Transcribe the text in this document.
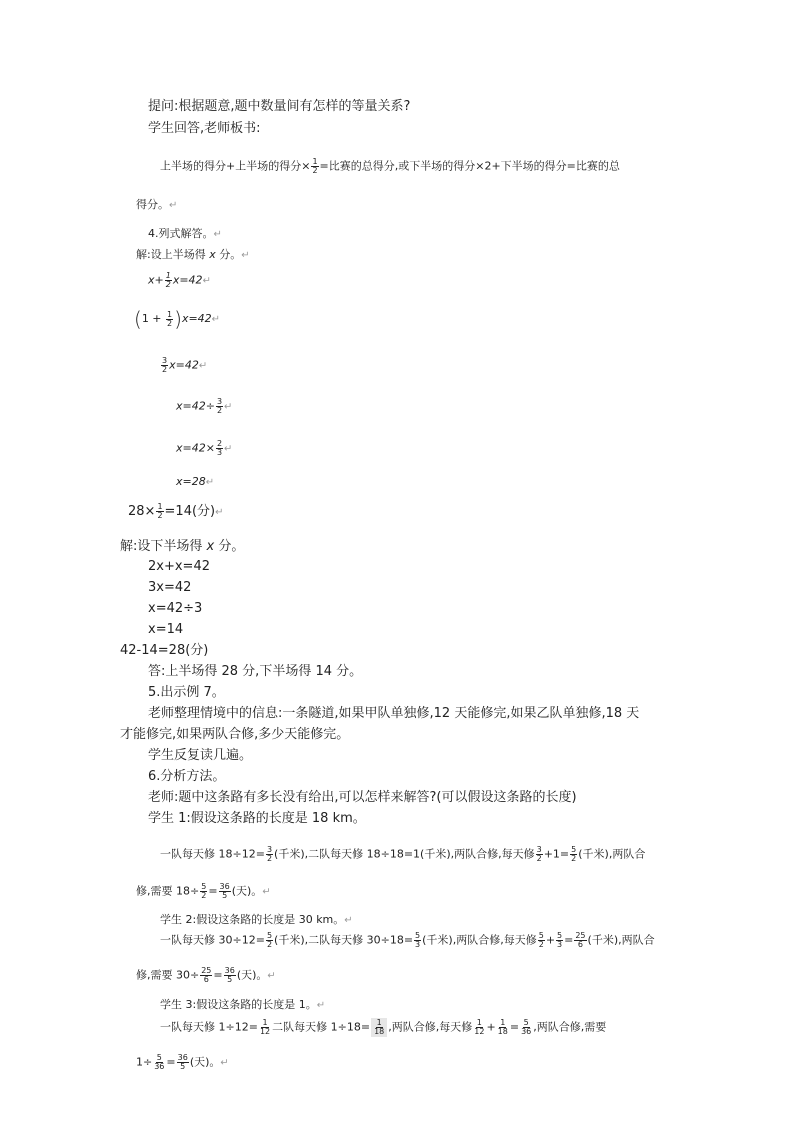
提问:根据题意,题中数量间有怎样的等量关系?
学生回答,老师板书:
上半场的得分+上半场的得分× $\frac{1}{2}$ =比赛的总得分,或下半场的得分×2+下半场的得分=比赛的总
得分。↵
4.列式解答。↵
解:设上半场得 x 分。↵
$x+ \frac{1}{2}$ x=42↵
($1 + \frac{1}{2}$ )x=42↵
$\frac{3}{2}$ x=42↵
$x=42\div \frac{3}{2}$ ↵
$x=42\times \frac{2}{3}$ ↵
x=28↵
$28\times \frac{1}{2} =14$(分)↵
解:设下半场得 x 分。
2x+x=42
3x=42
x=42÷3
x=14
42-14=28(分)
答:上半场得 28 分,下半场得 14 分。
5.出示例 7。
老师整理情境中的信息:一条隧道,如果甲队单独修,12 天能修完,如果乙队单独修,18 天
才能修完,如果两队合修,多少天能修完。
学生反复读几遍。
6.分析方法。
老师:题中这条路有多长没有给出,可以怎样来解答?(可以假设这条路的长度)
学生 1:假设这条路的长度是 18 km。
一队每天修 $18\div 12= \frac{3}{2}$ (千米),二队每天修 18÷18=1(千米),两队合修,每天修 $\frac{3}{2} +1= \frac{5}{2}$ (千米),两队合
修,需要 $18\div \frac{5}{2} = \frac{36}{5}$ (天)。↵
学生 2:假设这条路的长度是 30 km。↵
一队每天修 $30\div 12= \frac{5}{2}$ (千米),二队每天修 $30\div 18= \frac{5}{3}$ (千米),两队合修,每天修 $\frac{5}{2} + \frac{5}{3} = \frac{25}{6}$ (千米),两队合
修,需要 $30\div \frac{25}{6} = \frac{36}{5}$ (天)。↵
学生 3:假设这条路的长度是 1。↵
一队每天修 $1\div 12= \frac{1}{12}$ 二队每天修 $1\div 18= \frac{1}{18}$ ,两队合修,每天修 $\frac{1}{12} + \frac{1}{18} = \frac{5}{36}$ ,两队合修,需要
$1\div \frac{5}{36} = \frac{36}{5}$ (天)。↵
